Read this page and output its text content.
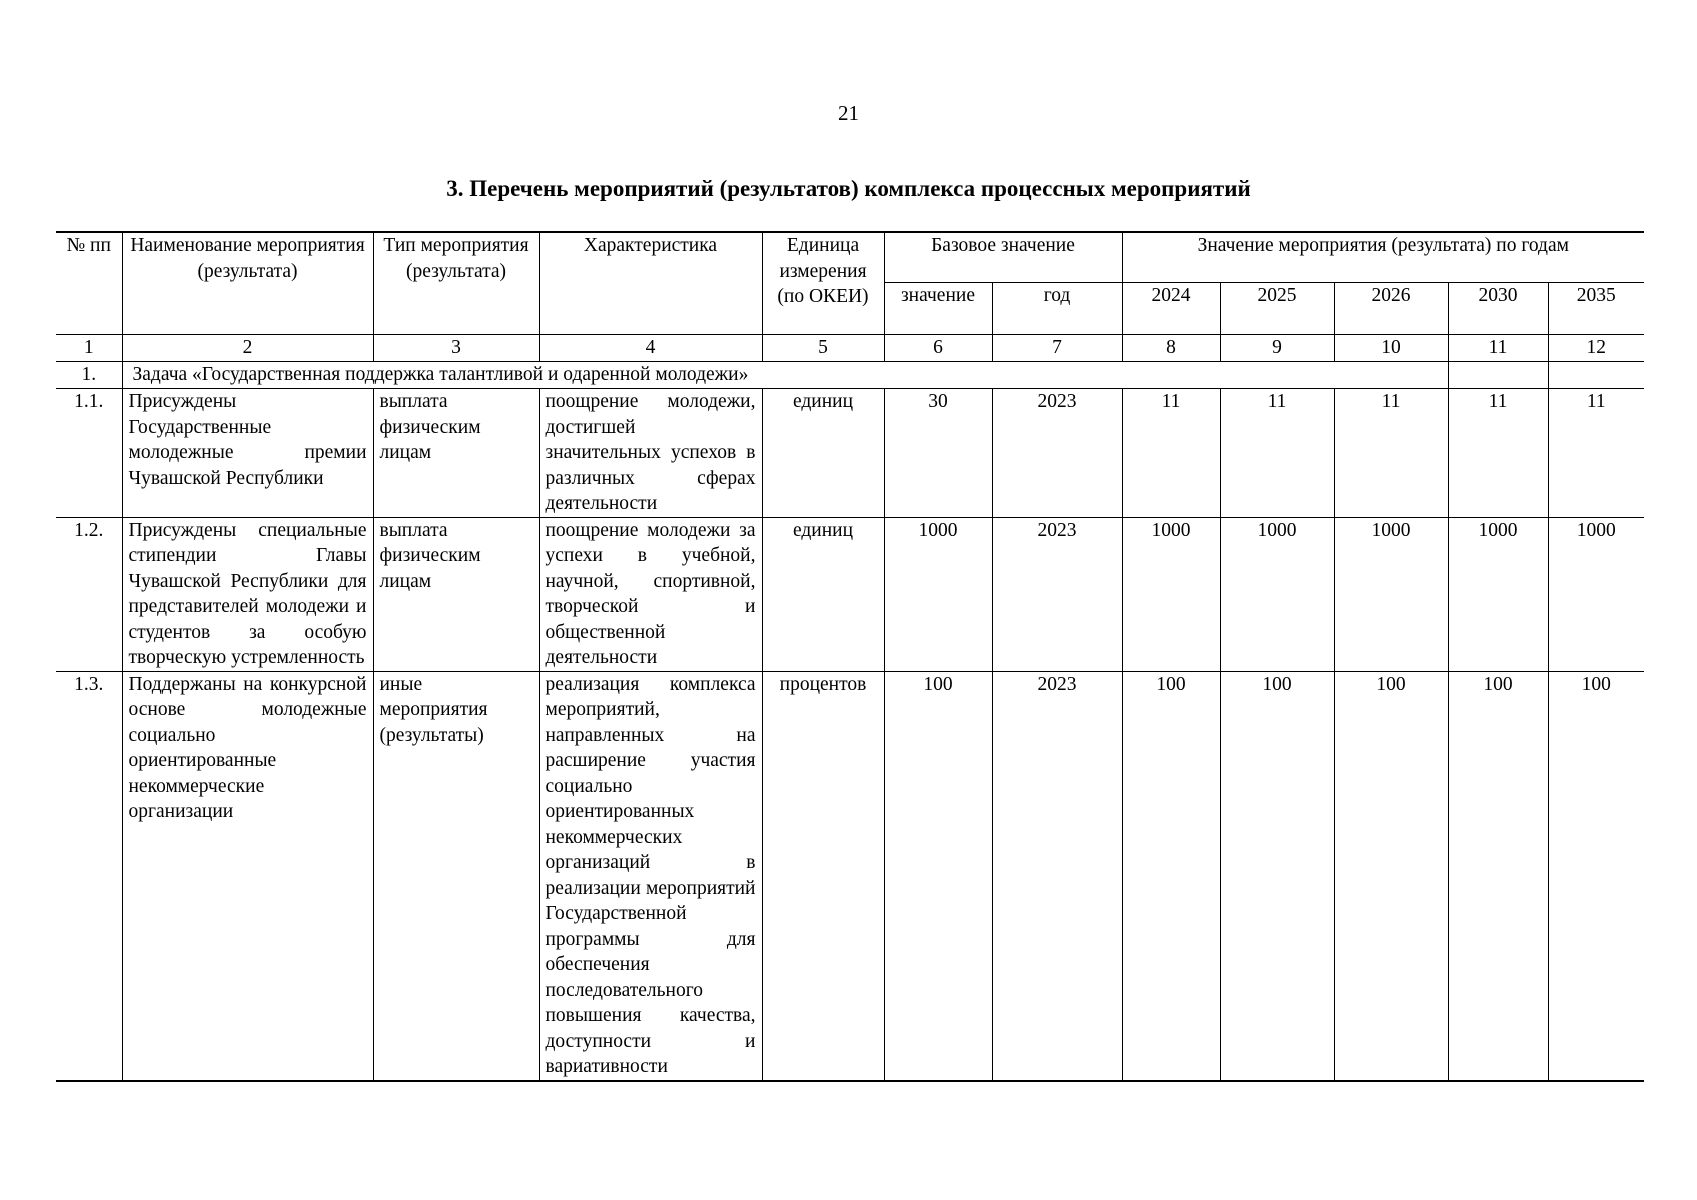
21
3. Перечень мероприятий (результатов) комплекса процессных мероприятий
№ пп	Наименование мероприятия (результата)	Тип мероприятия (результата)	Характеристика	Единица измерения (по ОКЕИ)	Базовое значение		Значение мероприятия (результата) по годам				
					значение	год	2024	2025	2026	2030	2035
1	2	3	4	5	6	7	8	9	10	11	12
1.	Задача «Государственная поддержка талантливой и одаренной молодежи»										
1.1.	Присуждены Государственные молодежные премии Чувашской Республики	выплата физическим лицам	поощрение молодежи, достигшей значительных успехов в различных сферах деятельности	единиц	30	2023	11	11	11	11	11
1.2.	Присуждены специальные стипендии Главы Чувашской Республики для представителей молодежи и студентов за особую творческую устремленность	выплата физическим лицам	поощрение молодежи за успехи в учебной, научной, спортивной, творческой и общественной деятельности	единиц	1000	2023	1000	1000	1000	1000	1000
1.3.	Поддержаны на конкурсной основе молодежные социально ориентированные некоммерческие организации	иные мероприятия (результаты)	реализация комплекса мероприятий, направленных на расширение участия социально ориентированных некоммерческих организаций в реализации мероприятий Государственной программы для обеспечения последовательного повышения качества, доступности и вариативности	процентов	100	2023	100	100	100	100	100
